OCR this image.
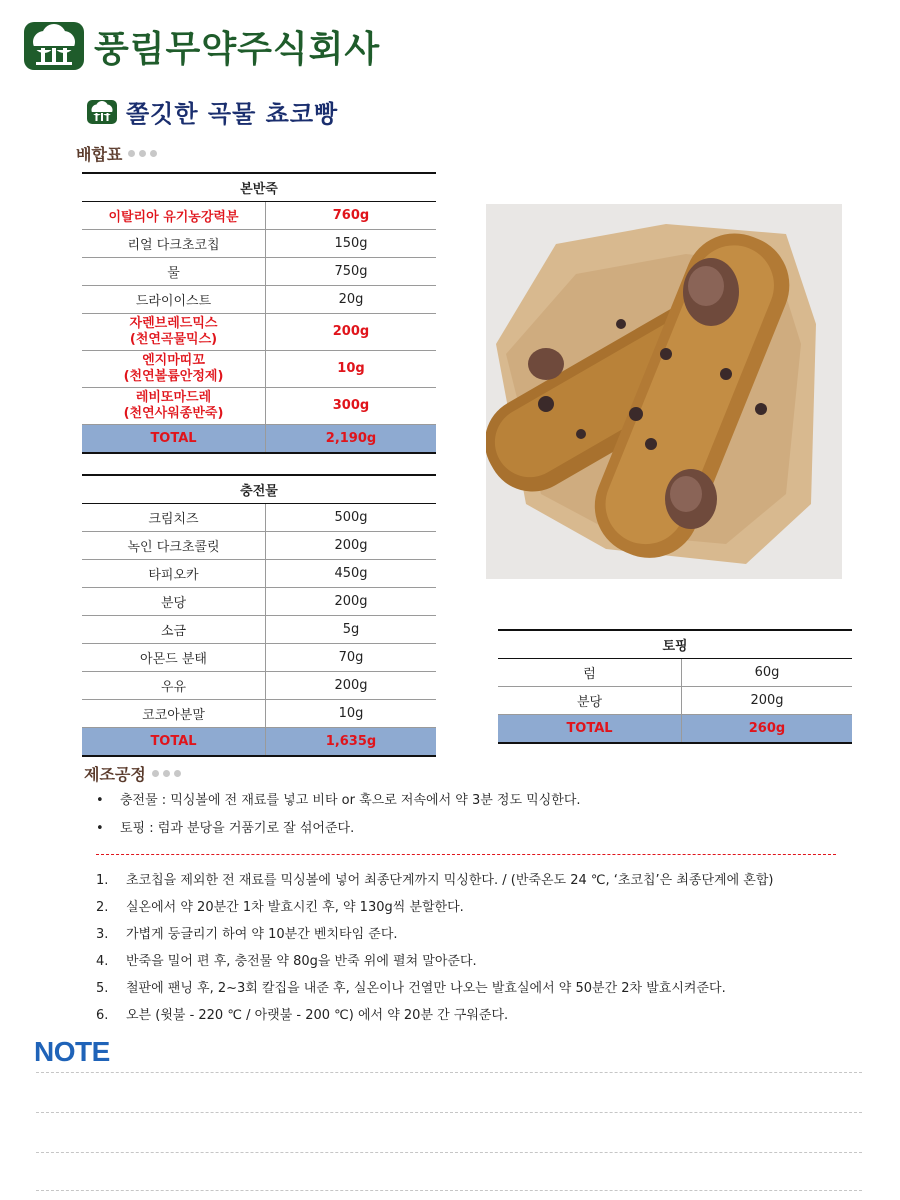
풍림무약주식회사
쫄깃한 곡물 쵸코빵
배합표
본반죽	
이탈리아 유기농강력분	760g
리얼 다크초코칩	150g
물	750g
드라이이스트	20g

자렌브레드믹스
(천연곡물믹스)	200g

엔지마띠꼬
(천연볼륨안정제)	10g

레비또마드레
(천연사워종반죽)	300g
TOTAL	2,190g
충전물	
크림치즈	500g
녹인 다크초콜릿	200g
타피오카	450g
분당	200g
소금	5g
아몬드 분태	70g
우유	200g
코코아분말	10g
TOTAL	1,635g
토핑	
럼	60g
분당	200g
TOTAL	260g
제조공정
• 충전물 : 믹싱볼에 전 재료를 넣고 비타 or 훅으로 저속에서 약 3분 정도 믹싱한다.
• 토핑 : 럼과 분당을 거품기로 잘 섞어준다.
1.	초코칩을 제외한 전 재료를 믹싱볼에 넣어 최종단계까지 믹싱한다. / (반죽온도 24 ℃, ‘초코칩’은 최종단계에 혼합)
2.	실온에서 약 20분간 1차 발효시킨 후, 약 130g씩 분할한다.
3.	가볍게 둥글리기 하여 약 10분간 벤치타임 준다.
4.	반죽을 밀어 편 후, 충전물 약 80g을 반죽 위에 펼쳐 말아준다.
5.	철판에 팬닝 후, 2~3회 칼집을 내준 후, 실온이나 건열만 나오는 발효실에서 약 50분간 2차 발효시켜준다.
6.	오븐 (윗불 - 220 ℃ / 아랫불 - 200 ℃) 에서 약 20분 간 구워준다.
NOTE
